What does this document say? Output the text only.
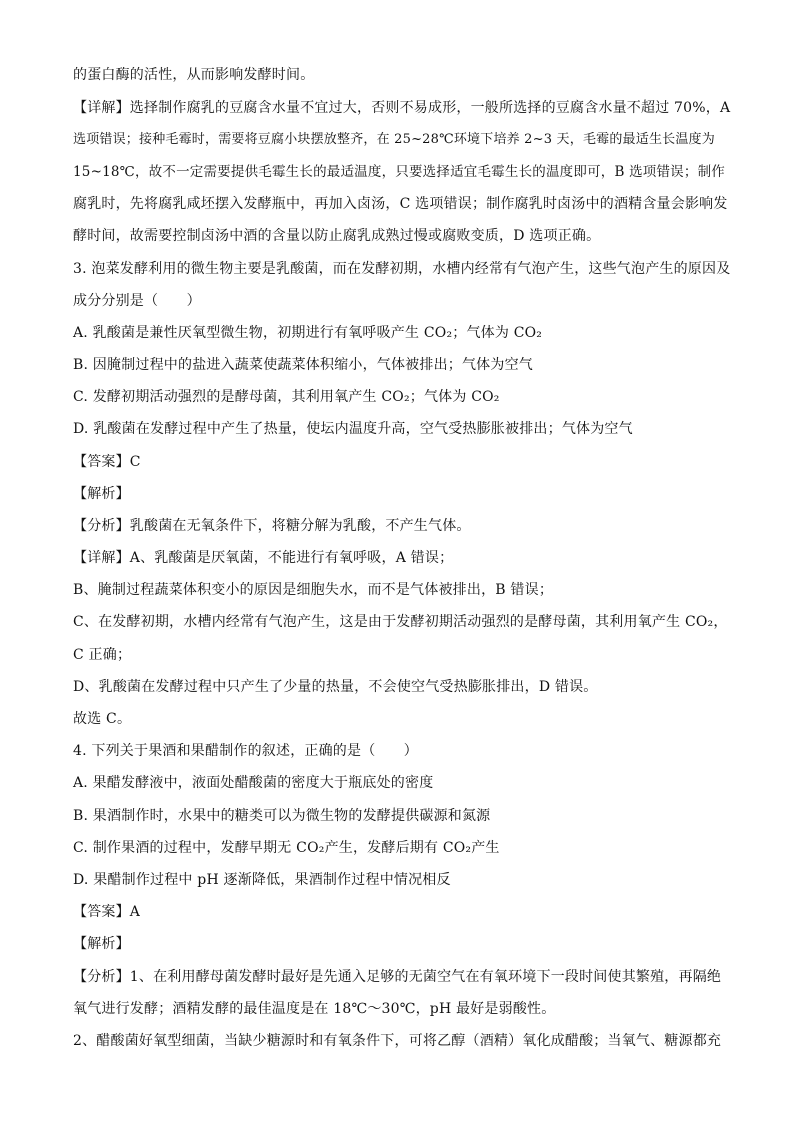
的蛋白酶的活性，从而影响发酵时间。
【详解】选择制作腐乳的豆腐含水量不宜过大，否则不易成形，一般所选择的豆腐含水量不超过 70%，A
选项错误；接种毛霉时，需要将豆腐小块摆放整齐，在 25~28℃环境下培养 2~3 天，毛霉的最适生长温度为
15~18℃，故不一定需要提供毛霉生长的最适温度，只要选择适宜毛霉生长的温度即可，B 选项错误；制作
腐乳时，先将腐乳咸坯摆入发酵瓶中，再加入卤汤，C 选项错误；制作腐乳时卤汤中的酒精含量会影响发
酵时间，故需要控制卤汤中酒的含量以防止腐乳成熟过慢或腐败变质，D 选项正确。
3. 泡菜发酵利用的微生物主要是乳酸菌，而在发酵初期，水槽内经常有气泡产生，这些气泡产生的原因及
成分分别是（　　）
A. 乳酸菌是兼性厌氧型微生物，初期进行有氧呼吸产生 CO₂；气体为 CO₂
B. 因腌制过程中的盐进入蔬菜使蔬菜体积缩小，气体被排出；气体为空气
C. 发酵初期活动强烈的是酵母菌，其利用氧产生 CO₂；气体为 CO₂
D. 乳酸菌在发酵过程中产生了热量，使坛内温度升高，空气受热膨胀被排出；气体为空气
【答案】C
【解析】
【分析】乳酸菌在无氧条件下，将糖分解为乳酸，不产生气体。
【详解】A、乳酸菌是厌氧菌，不能进行有氧呼吸，A 错误；
B、腌制过程蔬菜体积变小的原因是细胞失水，而不是气体被排出，B 错误；
C、在发酵初期，水槽内经常有气泡产生，这是由于发酵初期活动强烈的是酵母菌，其利用氧产生 CO₂，
C 正确；
D、乳酸菌在发酵过程中只产生了少量的热量，不会使空气受热膨胀排出，D 错误。
故选 C。
4. 下列关于果酒和果醋制作的叙述，正确的是（　　）
A. 果醋发酵液中，液面处醋酸菌的密度大于瓶底处的密度
B. 果酒制作时，水果中的糖类可以为微生物的发酵提供碳源和氮源
C. 制作果酒的过程中，发酵早期无 CO₂产生，发酵后期有 CO₂产生
D. 果醋制作过程中 pH 逐渐降低，果酒制作过程中情况相反
【答案】A
【解析】
【分析】1、在利用酵母菌发酵时最好是先通入足够的无菌空气在有氧环境下一段时间使其繁殖，再隔绝
氧气进行发酵；酒精发酵的最佳温度是在 18℃～30℃，pH 最好是弱酸性。
2、醋酸菌好氧型细菌，当缺少糖源时和有氧条件下，可将乙醇（酒精）氧化成醋酸；当氧气、糖源都充
